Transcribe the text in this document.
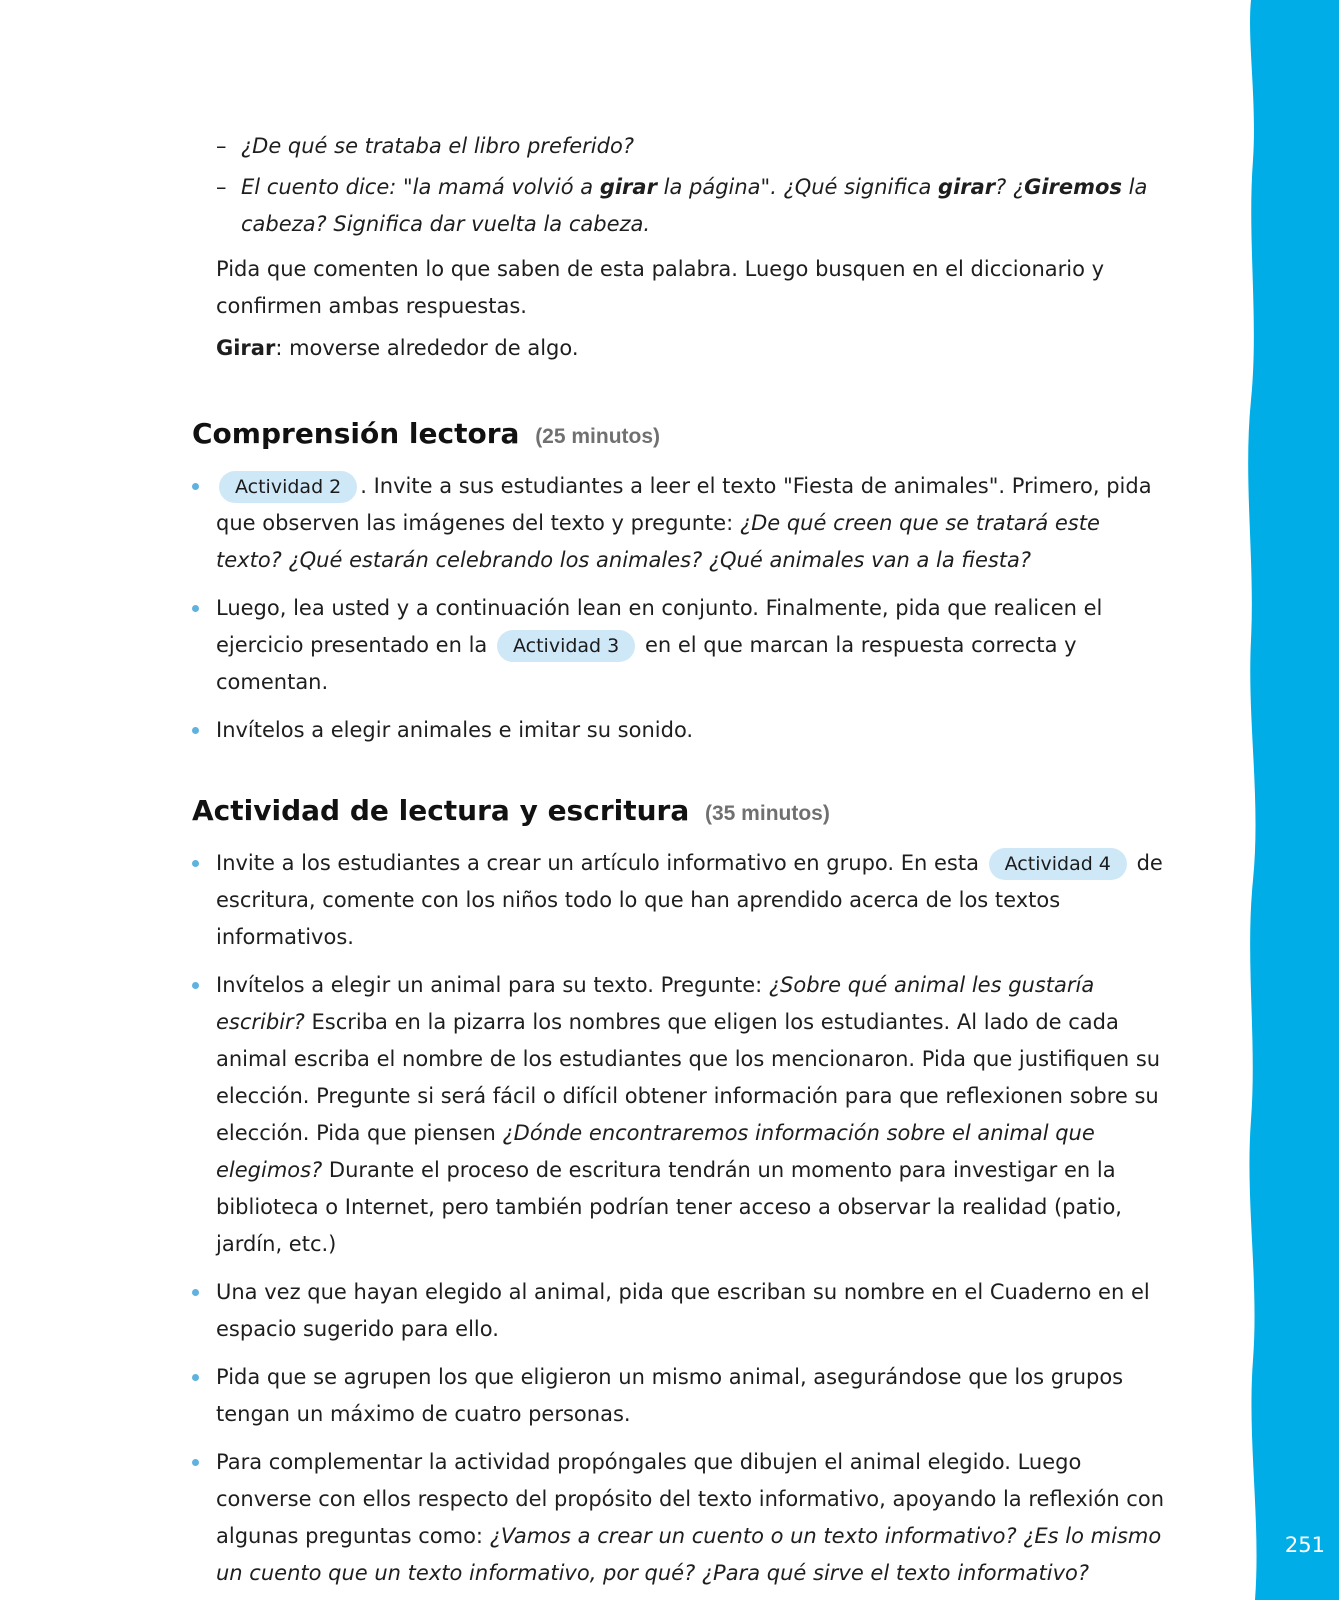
251

– ¿De qué se trataba el libro preferido?

– El cuento dice: "la mamá volvió a girar la página". ¿Qué significa girar? ¿Giremos la cabeza? Significa dar vuelta la cabeza.

Pida que comenten lo que saben de esta palabra. Luego busquen en el diccionario y confirmen ambas respuestas.

Girar: moverse alrededor de algo.

Comprensión lectora (25 minutos)
Actividad 2 . Invite a sus estudiantes a leer el texto "Fiesta de animales". Primero, pida que observen las imágenes del texto y pregunte: ¿De qué creen que se tratará este texto? ¿Qué estarán celebrando los animales? ¿Qué animales van a la fiesta?
Luego, lea usted y a continuación lean en conjunto. Finalmente, pida que realicen el ejercicio presentado en la Actividad 3 en el que marcan la respuesta correcta y comentan.
Invítelos a elegir animales e imitar su sonido.
Actividad de lectura y escritura (35 minutos)
Invite a los estudiantes a crear un artículo informativo en grupo. En esta Actividad 4 de escritura, comente con los niños todo lo que han aprendido acerca de los textos informativos.
Invítelos a elegir un animal para su texto. Pregunte: ¿Sobre qué animal les gustaría escribir? Escriba en la pizarra los nombres que eligen los estudiantes. Al lado de cada animal escriba el nombre de los estudiantes que los mencionaron. Pida que justifiquen su elección. Pregunte si será fácil o difícil obtener información para que reflexionen sobre su elección. Pida que piensen ¿Dónde encontraremos información sobre el animal que elegimos? Durante el proceso de escritura tendrán un momento para investigar en la biblioteca o Internet, pero también podrían tener acceso a observar la realidad (patio, jardín, etc.)
Una vez que hayan elegido al animal, pida que escriban su nombre en el Cuaderno en el espacio sugerido para ello.
Pida que se agrupen los que eligieron un mismo animal, asegurándose que los grupos tengan un máximo de cuatro personas.
Para complementar la actividad propóngales que dibujen el animal elegido. Luego converse con ellos respecto del propósito del texto informativo, apoyando la reflexión con algunas preguntas como: ¿Vamos a crear un cuento o un texto informativo? ¿Es lo mismo un cuento que un texto informativo, por qué? ¿Para qué sirve el texto informativo?
